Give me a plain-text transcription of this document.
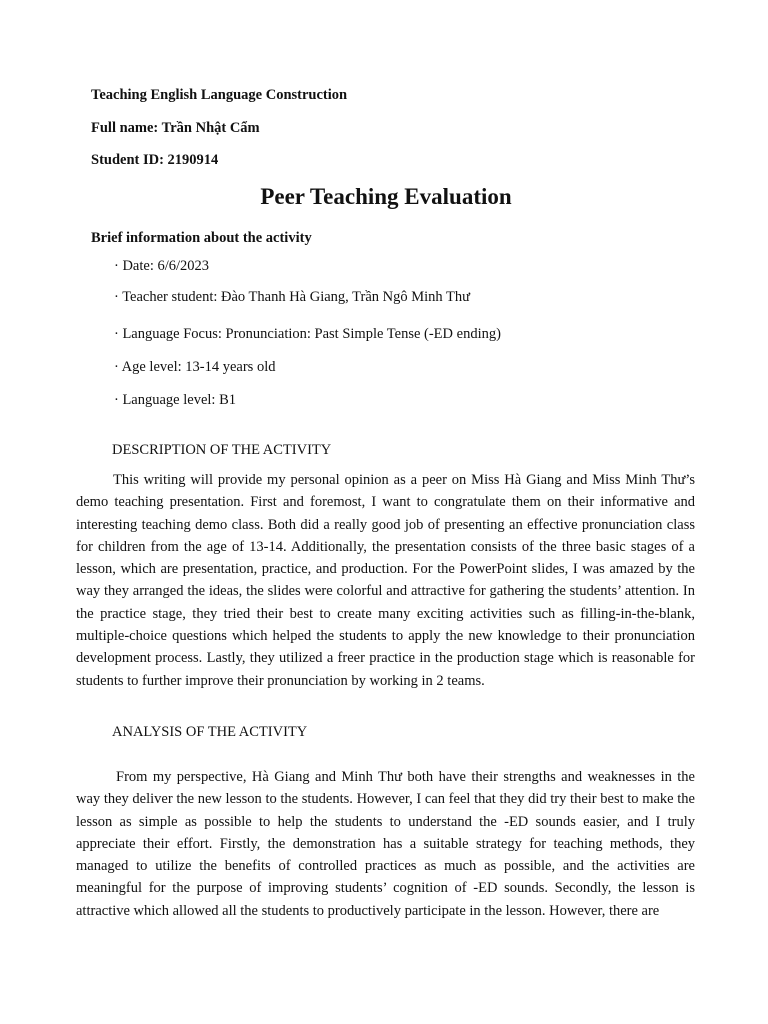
Teaching English Language Construction
Full name: Trần Nhật Cẩm
Student ID: 2190914
Peer Teaching Evaluation
Brief information about the activity
· Date: 6/6/2023
· Teacher student: Đào Thanh Hà Giang, Trần Ngô Minh Thư
· Language Focus: Pronunciation: Past Simple Tense (-ED ending)
· Age level: 13-14 years old
· Language level: B1
DESCRIPTION OF THE ACTIVITY

This writing will provide my personal opinion as a peer on Miss Hà Giang and Miss Minh Thư’s demo teaching presentation. First and foremost, I want to congratulate them on their informative and interesting teaching demo class. Both did a really good job of presenting an effective pronunciation class for children from the age of 13-14. Additionally, the presentation consists of the three basic stages of a lesson, which are presentation, practice, and production. For the PowerPoint slides, I was amazed by the way they arranged the ideas, the slides were colorful and attractive for gathering the students’ attention. In the practice stage, they tried their best to create many exciting activities such as filling-in-the-blank, multiple-choice questions which helped the students to apply the new knowledge to their pronunciation development process. Lastly, they utilized a freer practice in the production stage which is reasonable for students to further improve their pronunciation by working in 2 teams.

ANALYSIS OF THE ACTIVITY

From my perspective, Hà Giang and Minh Thư both have their strengths and weaknesses in the way they deliver the new lesson to the students. However, I can feel that they did try their best to make the lesson as simple as possible to help the students to understand the -ED sounds easier, and I truly appreciate their effort. Firstly, the demonstration has a suitable strategy for teaching methods, they managed to utilize the benefits of controlled practices as much as possible, and the activities are meaningful for the purpose of improving students’ cognition of -ED sounds. Secondly, the lesson is attractive which allowed all the students to productively participate in the lesson. However, there are
